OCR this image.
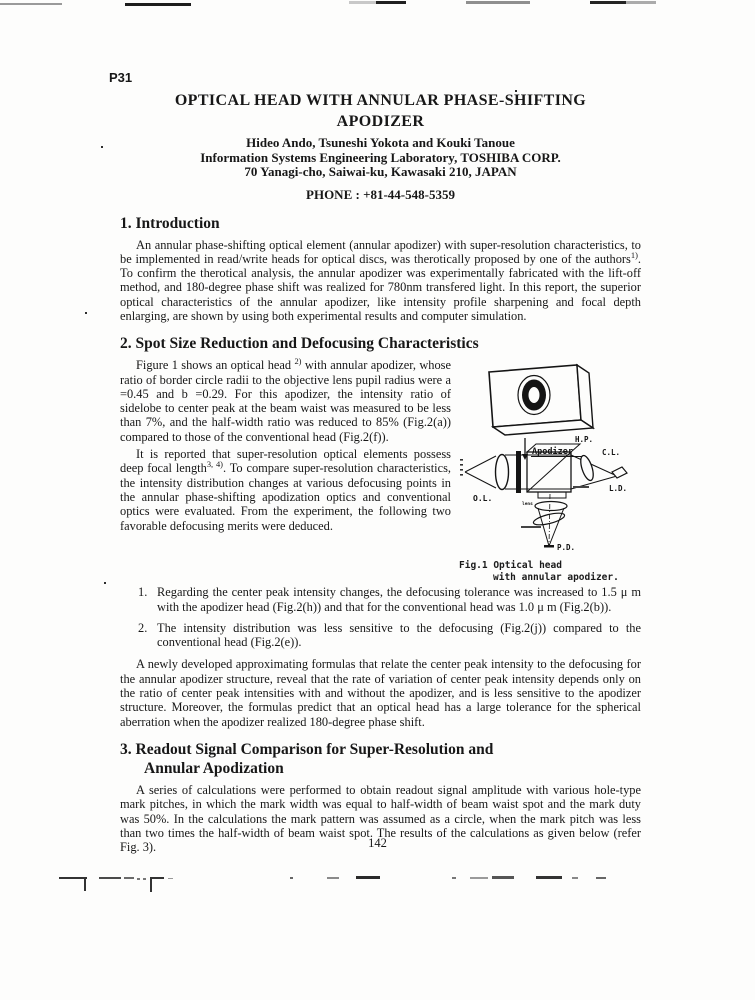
P31
OPTICAL HEAD WITH ANNULAR PHASE-SHIFTING
APODIZER
Hideo Ando, Tsuneshi Yokota and Kouki Tanoue
Information Systems Engineering Laboratory, TOSHIBA CORP.
70 Yanagi-cho, Saiwai-ku, Kawasaki 210, JAPAN
PHONE : +81-44-548-5359
1. Introduction

An annular phase-shifting optical element (annular apodizer) with super-resolution characteristics, to be implemented in read/write heads for optical discs, was therotically proposed by one of the authors$^{1)}$. To confirm the therotical analysis, the annular apodizer was experimentally fabricated with the lift-off method, and 180-degree phase shift was realized for 780nm transfered light. In this report, the superior optical characteristics of the annular apodizer, like intensity profile sharpening and focal depth enlarging, are shown by using both experimental results and computer simulation.

2. Spot Size Reduction and Defocusing Characteristics
Apodizer
H.P.
C.L.
O.L.
L.D.
P.D.
lens
Fig.1 Optical head
with annular apodizer.

Figure 1 shows an optical head $^{2)}$ with annular apodizer, whose ratio of border circle radii to the objective lens pupil radius were a =0.45 and b =0.29. For this apodizer, the intensity ratio of sidelobe to center peak at the beam waist was measured to be less than 7%, and the half-width ratio was reduced to 85% (Fig.2(a)) compared to those of the conventional head (Fig.2(f)).

It is reported that super-resolution optical elements possess deep focal length$^{3, 4)}$. To compare super-resolution characteristics, the intensity distribution changes at various defocusing points in the annular phase-shifting apodization optics and conventional optics were evaluated. From the experiment, the following two favorable defocusing merits were deduced.

1. Regarding the center peak intensity changes, the defocusing tolerance was increased to 1.5 μ m with the apodizer head (Fig.2(h)) and that for the conventional head was 1.0 μ m (Fig.2(b)).
2. The intensity distribution was less sensitive to the defocusing (Fig.2(j)) compared to the conventional head (Fig.2(e)).

A newly developed approximating formulas that relate the center peak intensity to the defocusing for the annular apodizer structure, reveal that the rate of variation of center peak intensity depends only on the ratio of center peak intensities with and without the apodizer, and is less sensitive to the apodizer structure. Moreover, the formulas predict that an optical head has a large tolerance for the spherical aberration when the apodizer realized 180-degree phase shift.

3. Readout Signal Comparison for Super-Resolution and
Annular Apodization

A series of calculations were performed to obtain readout signal amplitude with various hole-type mark pitches, in which the mark width was equal to half-width of beam waist spot and the mark duty was 50%. In the calculations the mark pattern was assumed as a circle, when the mark pitch was less than two times the half-width of beam waist spot. The results of the calculations as given below (refer Fig. 3).	142
